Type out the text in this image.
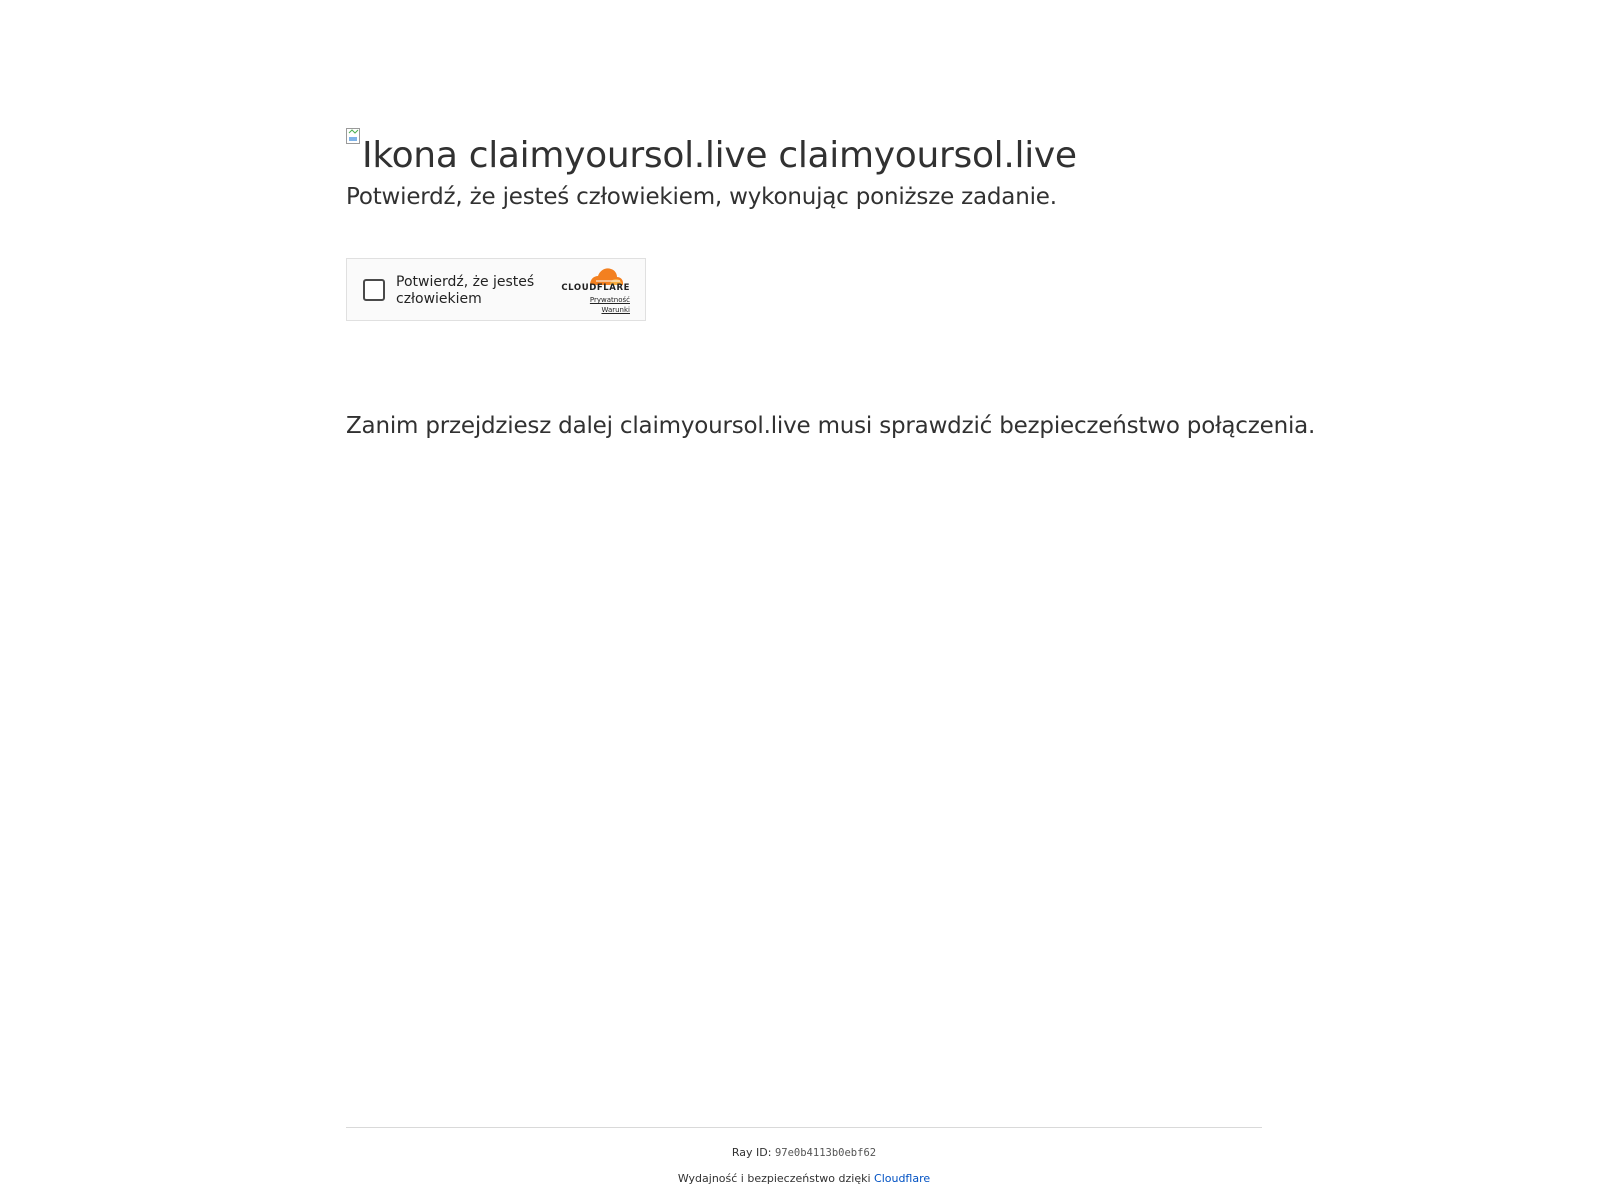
Ikona claimyoursol.live claimyoursol.live

Potwierdź, że jesteś człowiekiem, wykonując poniższe zadanie.

Potwierdź, że jesteś człowiekiem
CLOUDFLARE
Prywatność
Warunki

Zanim przejdziesz dalej claimyoursol.live musi sprawdzić bezpieczeństwo połączenia.

Ray ID: 97e0b4113b0ebf62
Wydajność i bezpieczeństwo dzięki Cloudflare
